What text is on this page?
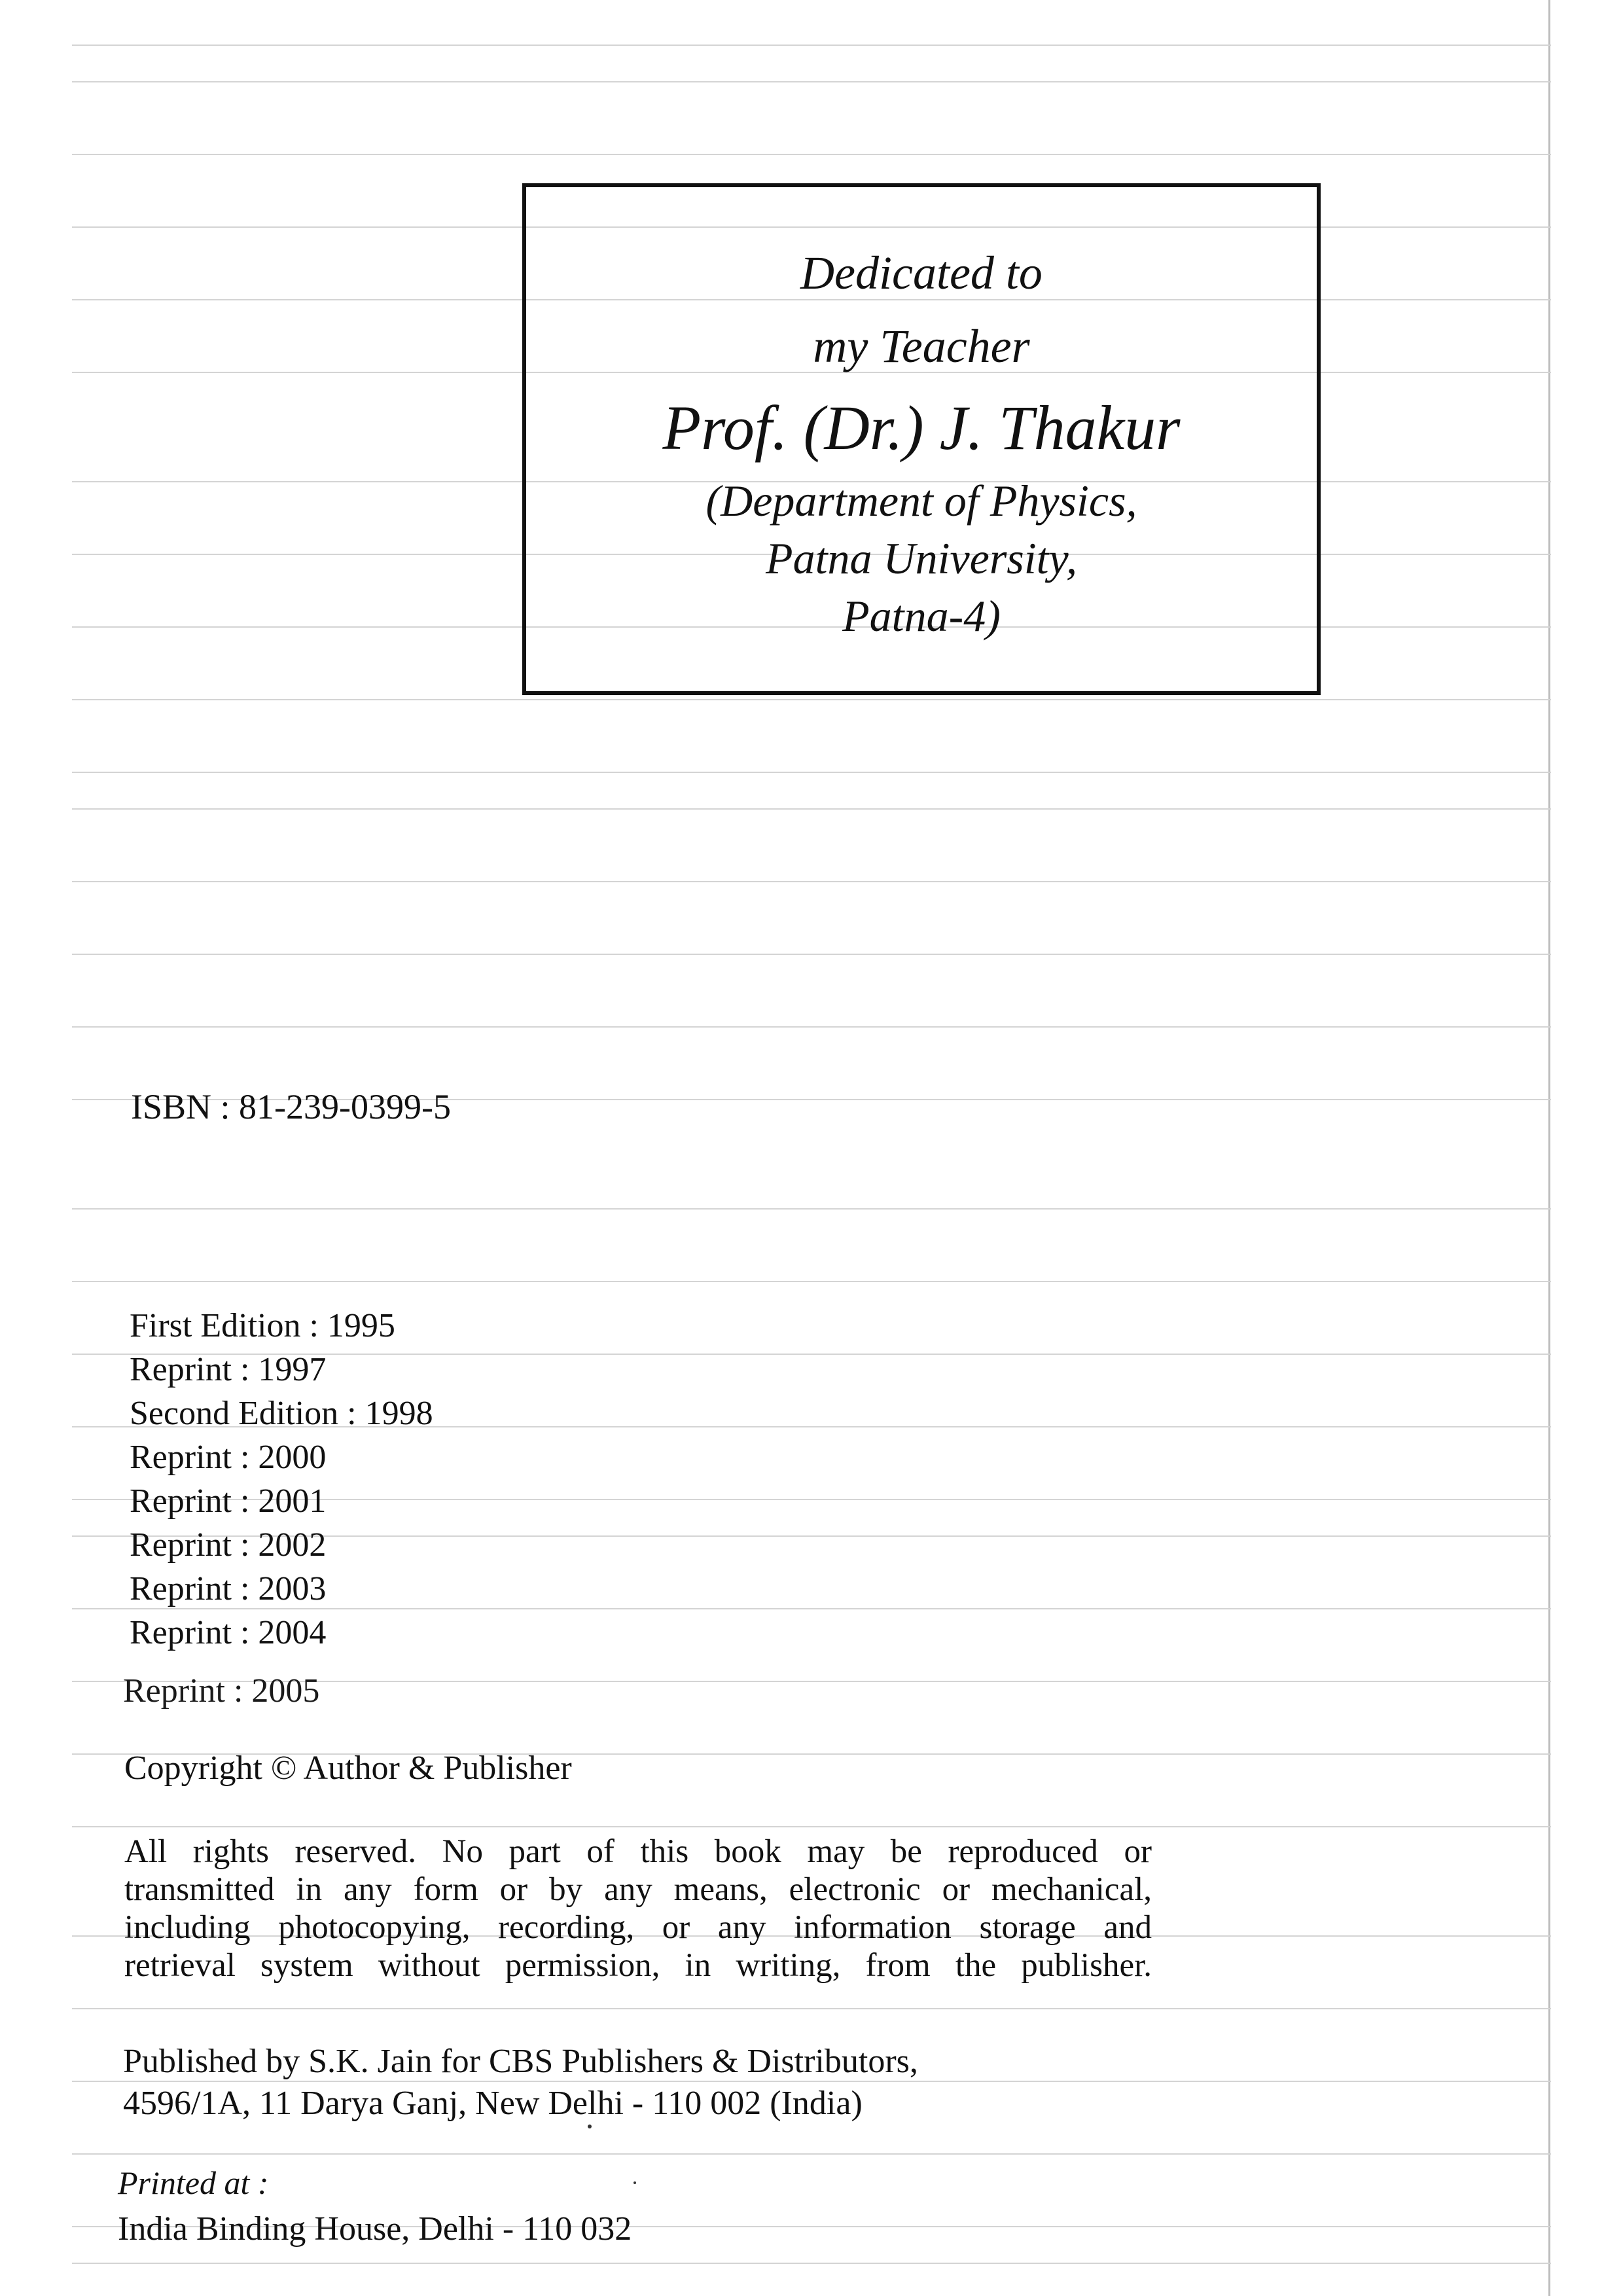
Dedicated to
my Teacher
Prof. (Dr.) J. Thakur
(Department of Physics,
Patna University,
Patna-4)
ISBN : 81-239-0399-5
First Edition : 1995
Reprint : 1997
Second Edition : 1998
Reprint : 2000
Reprint : 2001
Reprint : 2002
Reprint : 2003
Reprint : 2004
Reprint : 2005
Copyright © Author & Publisher
All rights reserved. No part of this book may be reproduced or
transmitted in any form or by any means, electronic or mechanical,
including photocopying, recording, or any information storage and
retrieval system without permission, in writing, from the publisher.
Published by S.K. Jain for CBS Publishers & Distributors,
4596/1A, 11 Darya Ganj, New Delhi - 110 002 (India)
Printed at :
India Binding House, Delhi - 110 032
